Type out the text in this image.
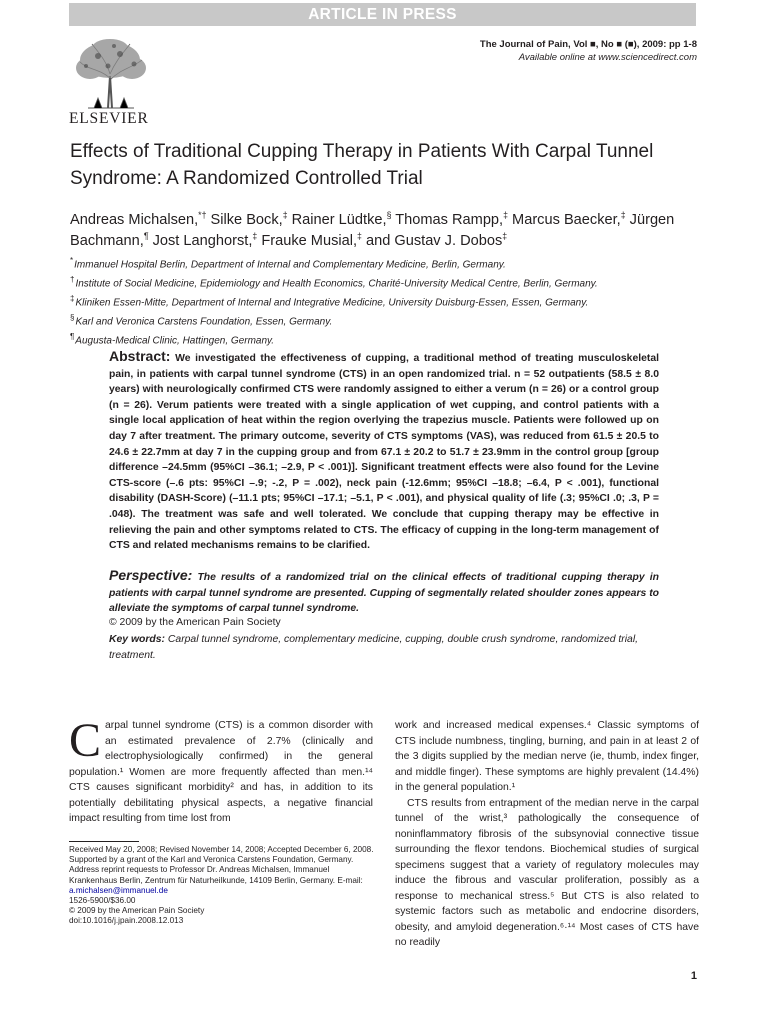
ARTICLE IN PRESS
ELSEVIER
The Journal of Pain, Vol ■, No ■ (■), 2009: pp 1-8
Available online at www.sciencedirect.com
Effects of Traditional Cupping Therapy in Patients With Carpal Tunnel Syndrome: A Randomized Controlled Trial
Andreas Michalsen,*† Silke Bock,‡ Rainer Lüdtke,§ Thomas Rampp,‡ Marcus Baecker,‡ Jürgen Bachmann,¶ Jost Langhorst,‡ Frauke Musial,‡ and Gustav J. Dobos‡
*Immanuel Hospital Berlin, Department of Internal and Complementary Medicine, Berlin, Germany.
†Institute of Social Medicine, Epidemiology and Health Economics, Charité-University Medical Centre, Berlin, Germany.
‡Kliniken Essen-Mitte, Department of Internal and Integrative Medicine, University Duisburg-Essen, Essen, Germany.
§Karl and Veronica Carstens Foundation, Essen, Germany.
¶Augusta-Medical Clinic, Hattingen, Germany.
Abstract: We investigated the effectiveness of cupping, a traditional method of treating musculoskeletal pain, in patients with carpal tunnel syndrome (CTS) in an open randomized trial. n = 52 outpatients (58.5 ± 8.0 years) with neurologically confirmed CTS were randomly assigned to either a verum (n = 26) or a control group (n = 26). Verum patients were treated with a single application of wet cupping, and control patients with a single local application of heat within the region overlying the trapezius muscle. Patients were followed up on day 7 after treatment. The primary outcome, severity of CTS symptoms (VAS), was reduced from 61.5 ± 20.5 to 24.6 ± 22.7mm at day 7 in the cupping group and from 67.1 ± 20.2 to 51.7 ± 23.9mm in the control group [group difference –24.5mm (95%CI –36.1; –2.9, P < .001)]. Significant treatment effects were also found for the Levine CTS-score (–.6 pts: 95%CI –.9; -.2, P = .002), neck pain (-12.6mm; 95%CI –18.8; –6.4, P < .001), functional disability (DASH-Score) (–11.1 pts; 95%CI –17.1; –5.1, P < .001), and physical quality of life (.3; 95%CI .0; .3, P = .048). The treatment was safe and well tolerated. We conclude that cupping therapy may be effective in relieving the pain and other symptoms related to CTS. The efficacy of cupping in the long-term management of CTS and related mechanisms remains to be clarified.
Perspective: The results of a randomized trial on the clinical effects of traditional cupping therapy in patients with carpal tunnel syndrome are presented. Cupping of segmentally related shoulder zones appears to alleviate the symptoms of carpal tunnel syndrome.
© 2009 by the American Pain Society
Key words: Carpal tunnel syndrome, complementary medicine, cupping, double crush syndrome, randomized trial, treatment.

Carpal tunnel syndrome (CTS) is a common disorder with an estimated prevalence of 2.7% (clinically and electrophysiologically confirmed) in the general population.¹ Women are more frequently affected than men.¹⁴ CTS causes significant morbidity² and has, in addition to its potentially debilitating physical aspects, a negative financial impact resulting from time lost from

work and increased medical expenses.⁴ Classic symptoms of CTS include numbness, tingling, burning, and pain in at least 2 of the 3 digits supplied by the median nerve (ie, thumb, index finger, and middle finger). These symptoms are highly prevalent (14.4%) in the general population.¹

CTS results from entrapment of the median nerve in the carpal tunnel of the wrist,³ pathologically the consequence of noninflammatory fibrosis of the subsynovial connective tissue surrounding the flexor tendons. Biochemical studies of surgical specimens suggest that a variety of regulatory molecules may induce the fibrous and vascular proliferation, possibly as a response to mechanical stress.⁵ But CTS is also related to systemic factors such as metabolic and endocrine disorders, obesity, and amyloid degeneration.⁶·¹⁴ Most cases of CTS have no readily

Received May 20, 2008; Revised November 14, 2008; Accepted December 6, 2008.

Supported by a grant of the Karl and Veronica Carstens Foundation, Germany.

Address reprint requests to Professor Dr. Andreas Michalsen, Immanuel Krankenhaus Berlin, Zentrum für Naturheilkunde, 14109 Berlin, Germany. E-mail: a.michalsen@immanuel.de

1526-5900/$36.00

© 2009 by the American Pain Society

doi:10.1016/j.jpain.2008.12.013

1
